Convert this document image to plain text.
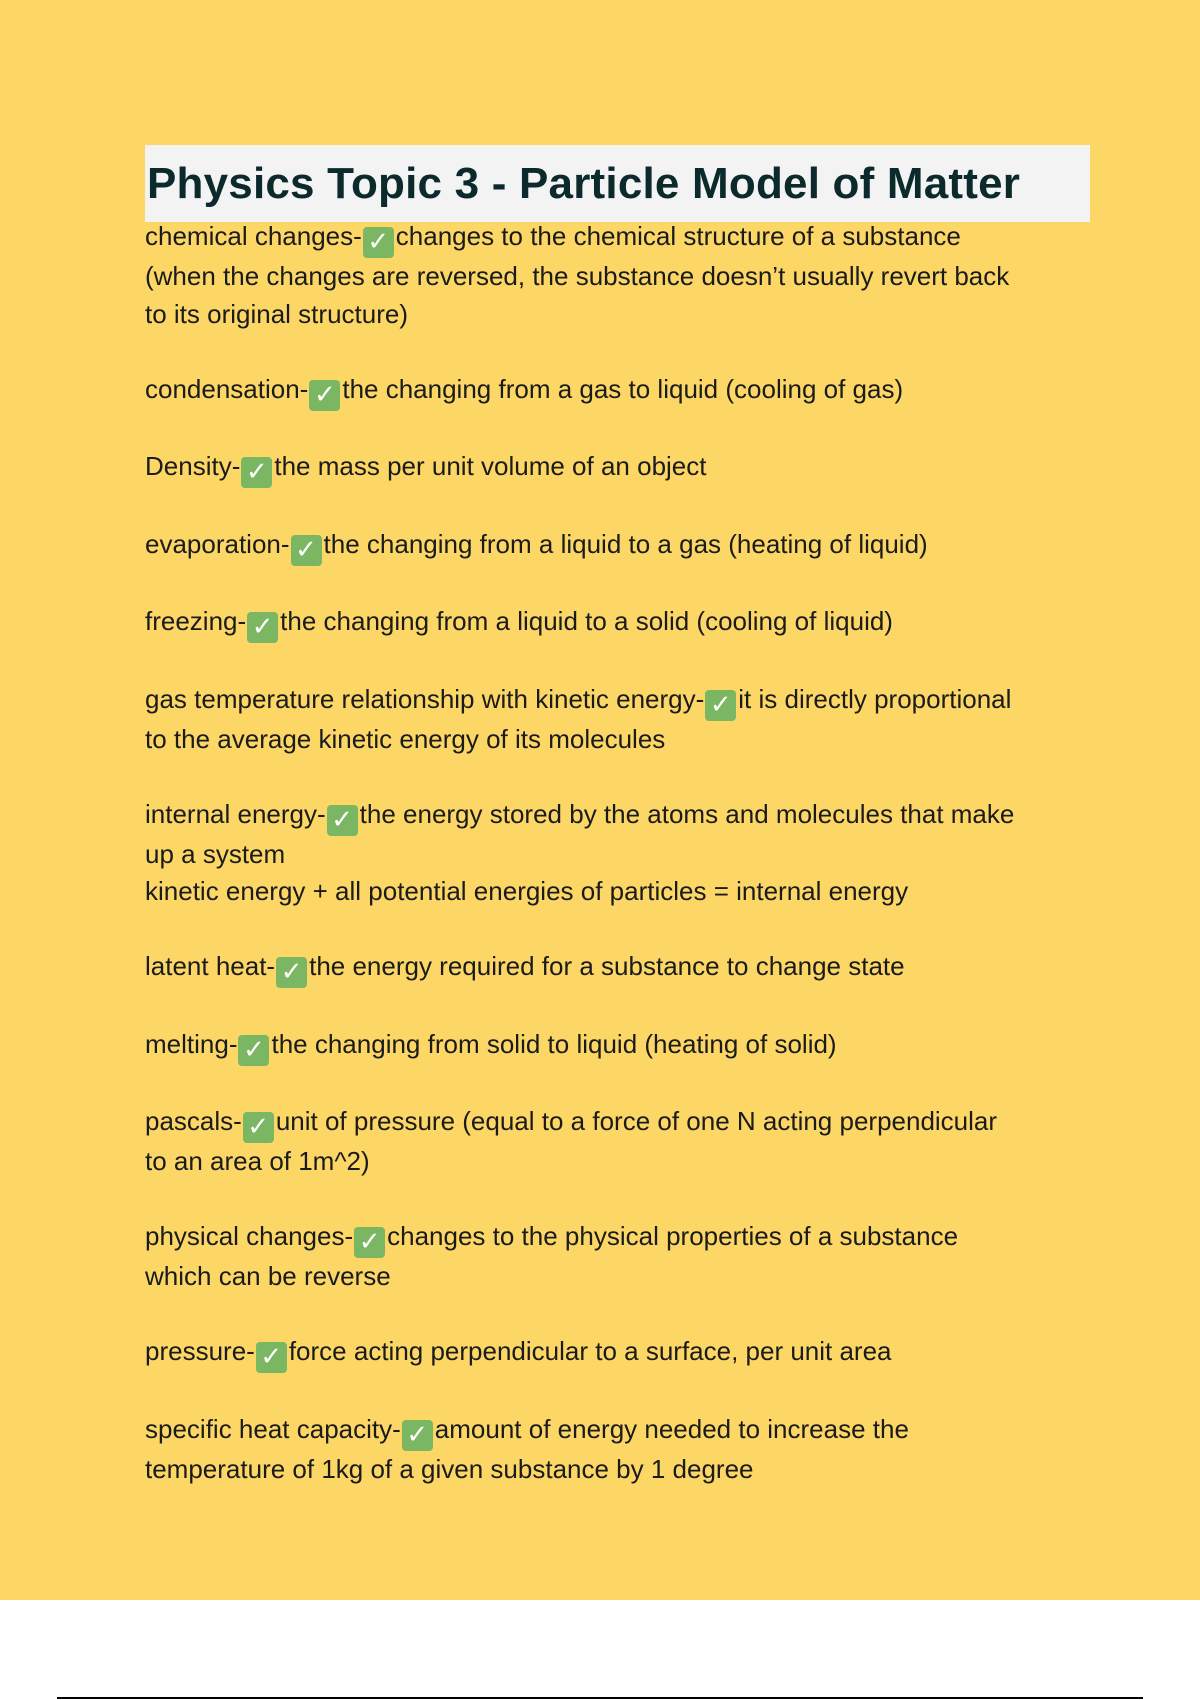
Physics Topic 3 - Particle Model of Matter
chemical changes- ✓ changes to the chemical structure of a substance
(when the changes are reversed, the substance doesn’t usually revert back
to its original structure)
condensation- ✓ the changing from a gas to liquid (cooling of gas)
Density- ✓ the mass per unit volume of an object
evaporation- ✓ the changing from a liquid to a gas (heating of liquid)
freezing- ✓ the changing from a liquid to a solid (cooling of liquid)
gas temperature relationship with kinetic energy- ✓ it is directly proportional
to the average kinetic energy of its molecules
internal energy- ✓ the energy stored by the atoms and molecules that make
up a system
kinetic energy + all potential energies of particles = internal energy
latent heat- ✓ the energy required for a substance to change state
melting- ✓ the changing from solid to liquid (heating of solid)
pascals- ✓ unit of pressure (equal to a force of one N acting perpendicular
to an area of 1m^2)
physical changes- ✓ changes to the physical properties of a substance
which can be reverse
pressure- ✓ force acting perpendicular to a surface, per unit area
specific heat capacity- ✓ amount of energy needed to increase the
temperature of 1kg of a given substance by 1 degree
